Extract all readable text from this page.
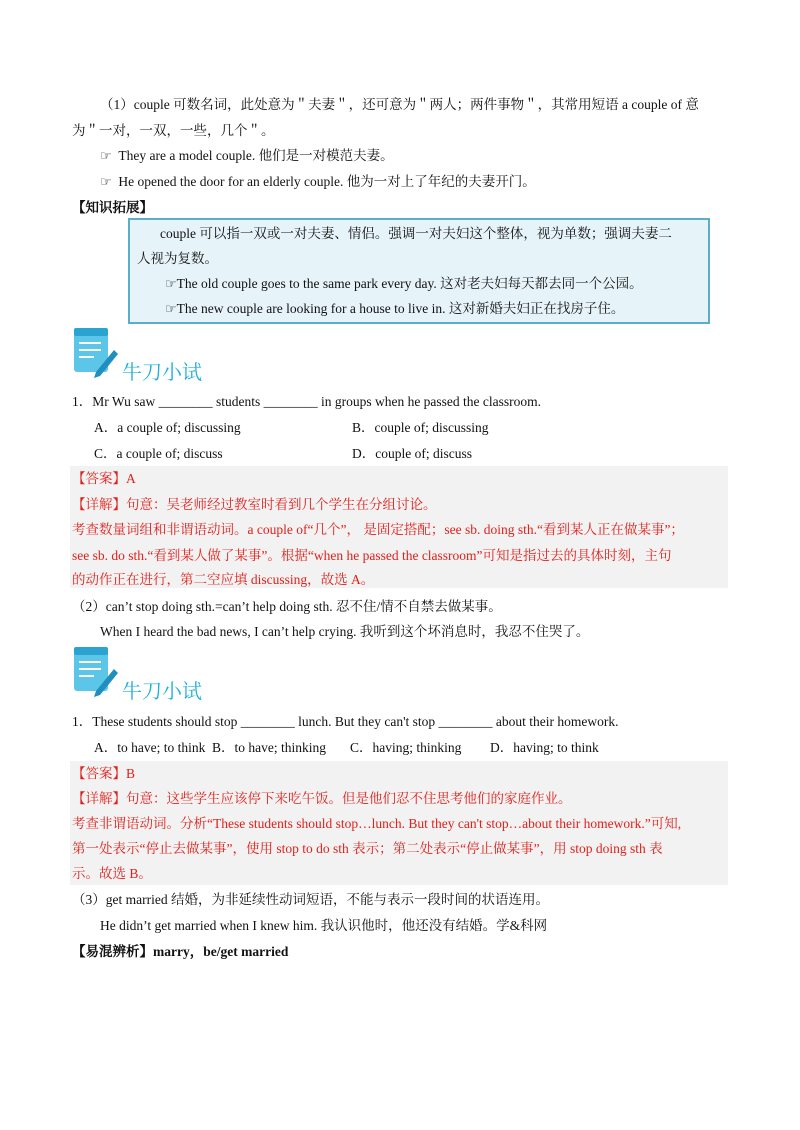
（1）couple 可数名词，此处意为＂夫妻＂，还可意为＂两人；两件事物＂，其常用短语 a couple of 意
为＂一对，一双，一些，几个＂。
☞ They are a model couple. 他们是一对模范夫妻。
☞ He opened the door for an elderly couple. 他为一对上了年纪的夫妻开门。
【知识拓展】
couple 可以指一双或一对夫妻、情侣。强调一对夫妇这个整体，视为单数；强调夫妻二
人视为复数。
☞The old couple goes to the same park every day. 这对老夫妇每天都去同一个公园。
☞The new couple are looking for a house to live in. 这对新婚夫妇正在找房子住。
牛刀小试
1．Mr Wu saw ________ students ________ in groups when he passed the classroom.
A．a couple of; discussing	B．couple of; discussing
C．a couple of; discuss	D．couple of; discuss
【答案】A
【详解】句意：吴老师经过教室时看到几个学生在分组讨论。
考查数量词组和非谓语动词。a couple of“几个”， 是固定搭配；see sb. doing sth.“看到某人正在做某事”；
see sb. do sth.“看到某人做了某事”。根据“when he passed the classroom”可知是指过去的具体时刻，主句
的动作正在进行，第二空应填 discussing，故选 A。
（2）can’t stop doing sth.=can’t help doing sth. 忍不住/情不自禁去做某事。
When I heard the bad news, I can’t help crying. 我听到这个坏消息时，我忍不住哭了。
牛刀小试
1．These students should stop ________ lunch. But they can't stop ________ about their homework.
A．to have; to think B．to have; thinking C．having; thinking D．having; to think
【答案】B
【详解】句意：这些学生应该停下来吃午饭。但是他们忍不住思考他们的家庭作业。
考查非谓语动词。分析“These students should stop…lunch. But they can't stop…about their homework.”可知,
第一处表示“停止去做某事”，使用 stop to do sth 表示；第二处表示“停止做某事”，用 stop doing sth 表
示。故选 B。
（3）get married 结婚，为非延续性动词短语，不能与表示一段时间的状语连用。
He didn’t get married when I knew him. 我认识他时，他还没有结婚。学&科网
【易混辨析】marry，be/get married
